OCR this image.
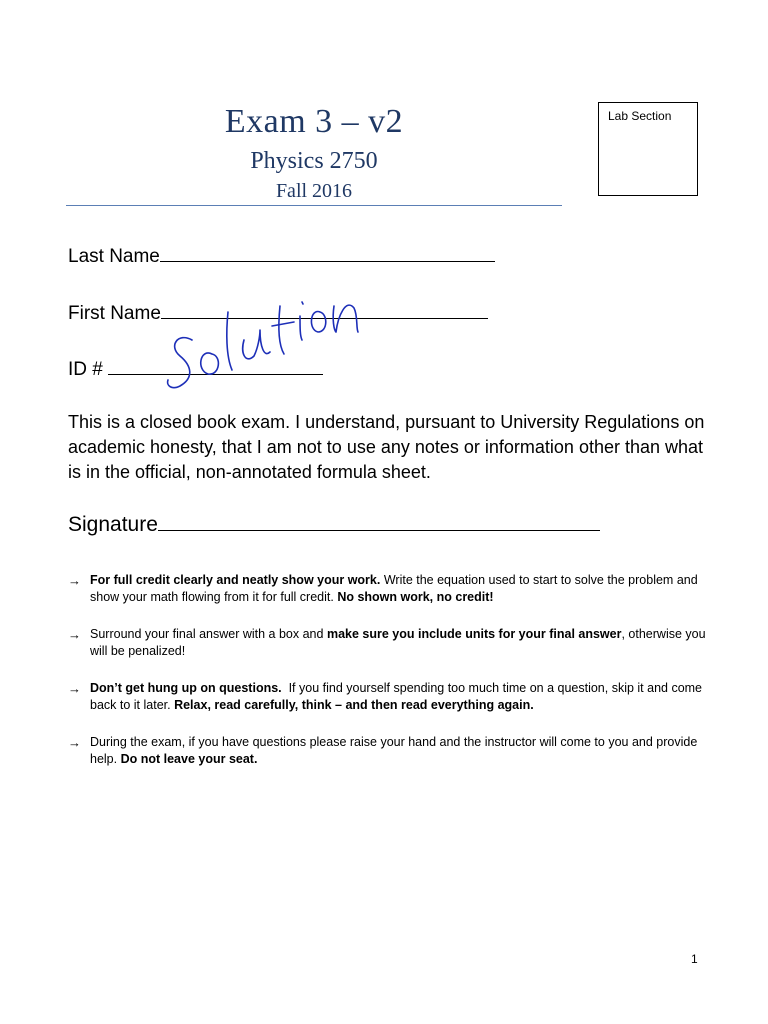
Exam 3 – v2
Physics 2750
Fall 2016
Lab Section
Last Name
First Name
ID #

This is a closed book exam. I understand, pursuant to University Regulations on academic honesty, that I am not to use any notes or information other than what is in the official, non-annotated formula sheet.

Signature
→ For full credit clearly and neatly show your work. Write the equation used to start to solve the problem and show your math flowing from it for full credit. No shown work, no credit!
→ Surround your final answer with a box and make sure you include units for your final answer, otherwise you will be penalized!
→ Don’t get hung up on questions.  If you find yourself spending too much time on a question, skip it and come back to it later. Relax, read carefully, think – and then read everything again.
→ During the exam, if you have questions please raise your hand and the instructor will come to you and provide help. Do not leave your seat.
1
